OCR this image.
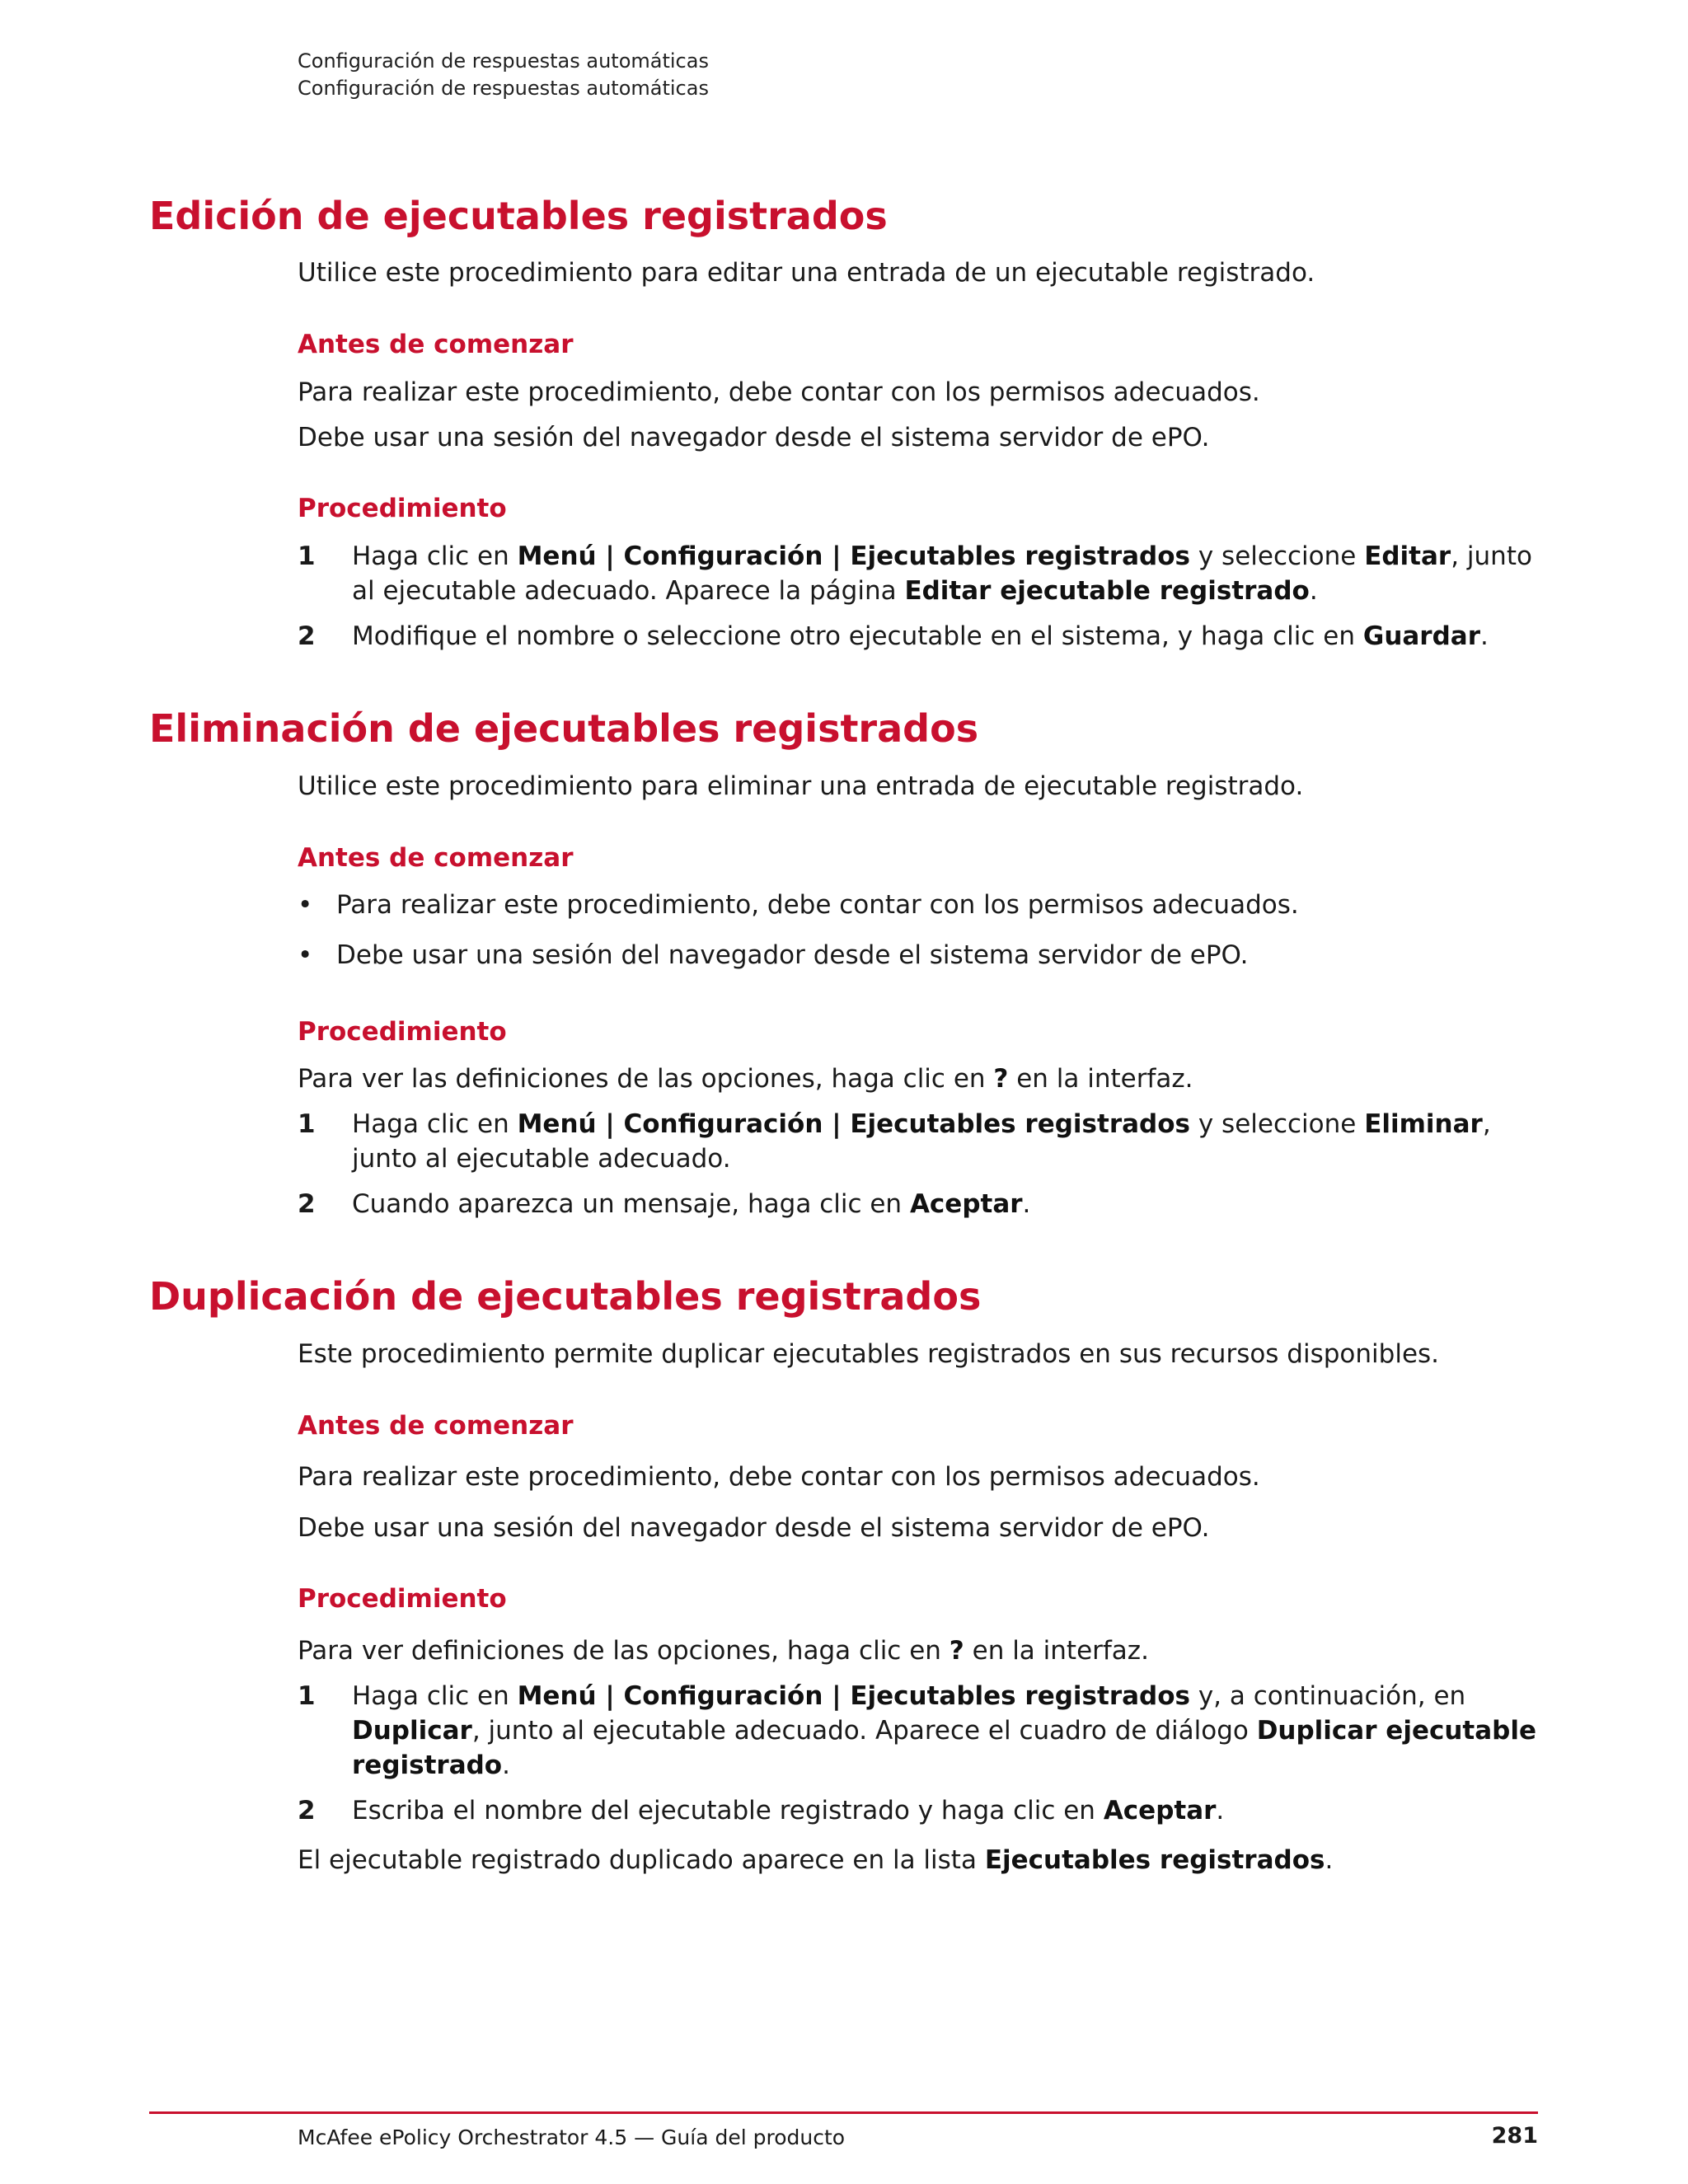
Configuración de respuestas automáticas
Configuración de respuestas automáticas
Edición de ejecutables registrados

Utilice este procedimiento para editar una entrada de un ejecutable registrado.

Antes de comenzar

Para realizar este procedimiento, debe contar con los permisos adecuados.

Debe usar una sesión del navegador desde el sistema servidor de ePO.

Procedimiento
1 Haga clic en Menú | Configuración | Ejecutables registrados y seleccione Editar, junto al ejecutable adecuado. Aparece la página Editar ejecutable registrado.
2 Modifique el nombre o seleccione otro ejecutable en el sistema, y haga clic en Guardar.
Eliminación de ejecutables registrados

Utilice este procedimiento para eliminar una entrada de ejecutable registrado.

Antes de comenzar
• Para realizar este procedimiento, debe contar con los permisos adecuados.
• Debe usar una sesión del navegador desde el sistema servidor de ePO.
Procedimiento

Para ver las definiciones de las opciones, haga clic en ? en la interfaz.

1 Haga clic en Menú | Configuración | Ejecutables registrados y seleccione Eliminar, junto al ejecutable adecuado.
2 Cuando aparezca un mensaje, haga clic en Aceptar.
Duplicación de ejecutables registrados

Este procedimiento permite duplicar ejecutables registrados en sus recursos disponibles.

Antes de comenzar

Para realizar este procedimiento, debe contar con los permisos adecuados.

Debe usar una sesión del navegador desde el sistema servidor de ePO.

Procedimiento

Para ver definiciones de las opciones, haga clic en ? en la interfaz.

1 Haga clic en Menú | Configuración | Ejecutables registrados y, a continuación, en Duplicar, junto al ejecutable adecuado. Aparece el cuadro de diálogo Duplicar ejecutable registrado.
2 Escriba el nombre del ejecutable registrado y haga clic en Aceptar.

El ejecutable registrado duplicado aparece en la lista Ejecutables registrados.

McAfee ePolicy Orchestrator 4.5 — Guía del producto	281
